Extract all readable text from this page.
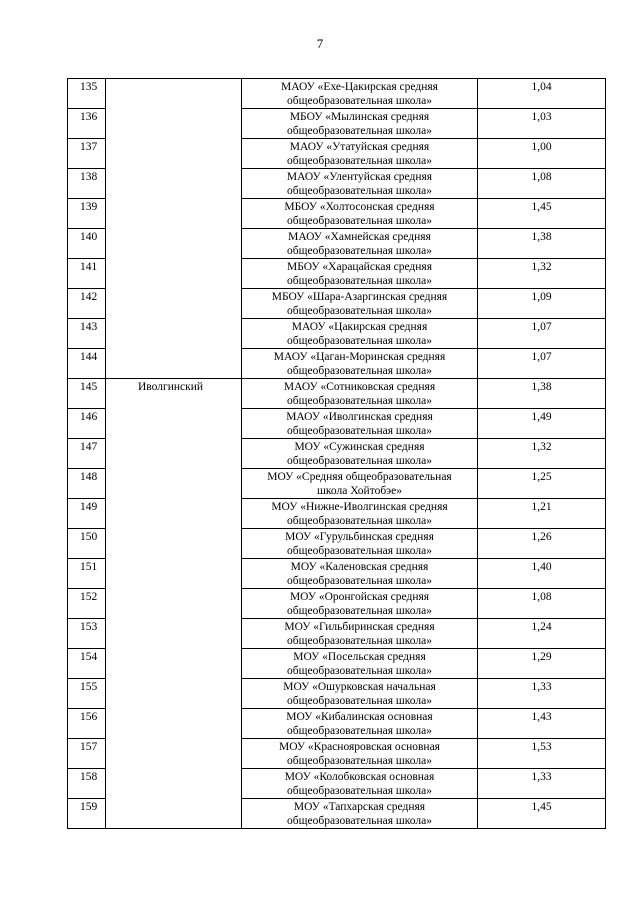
7
135		МАОУ «Ехе-Цакирская средняя
общеобразовательная школа»	1,04
136		МБОУ «Мылинская средняя
общеобразовательная школа»	1,03
137		МАОУ «Утатуйская средняя
общеобразовательная школа»	1,00
138		МАОУ «Улентуйская средняя
общеобразовательная школа»	1,08
139		МБОУ «Холтосонская средняя
общеобразовательная школа»	1,45
140		МАОУ «Хамнейская средняя
общеобразовательная школа»	1,38
141		МБОУ «Харацайская средняя
общеобразовательная школа»	1,32
142		МБОУ «Шара-Азаргинская средняя
общеобразовательная школа»	1,09
143		МАОУ «Цакирская средняя
общеобразовательная школа»	1,07
144		МАОУ «Цаган-Моринская средняя
общеобразовательная школа»	1,07
145	Иволгинский	МАОУ «Сотниковская средняя
общеобразовательная школа»	1,38
146		МАОУ «Иволгинская средняя
общеобразовательная школа»	1,49
147		МОУ «Сужинская средняя
общеобразовательная школа»	1,32
148		МОУ «Средняя общеобразовательная
школа Хойтобэе»	1,25
149		МОУ «Нижне-Иволгинская средняя
общеобразовательная школа»	1,21
150		МОУ «Гурульбинская средняя
общеобразовательная школа»	1,26
151		МОУ «Каленовская средняя
общеобразовательная школа»	1,40
152		МОУ «Оронгойская средняя
общеобразовательная школа»	1,08
153		МОУ «Гильбиринская средняя
общеобразовательная школа»	1,24
154		МОУ «Посельская средняя
общеобразовательная школа»	1,29
155		МОУ «Ошурковская начальная
общеобразовательная школа»	1,33
156		МОУ «Кибалинская основная
общеобразовательная школа»	1,43
157		МОУ «Краснояровская основная
общеобразовательная школа»	1,53
158		МОУ «Колобковская основная
общеобразовательная школа»	1,33
159		МОУ «Тапхарская средняя
общеобразовательная школа»	1,45
